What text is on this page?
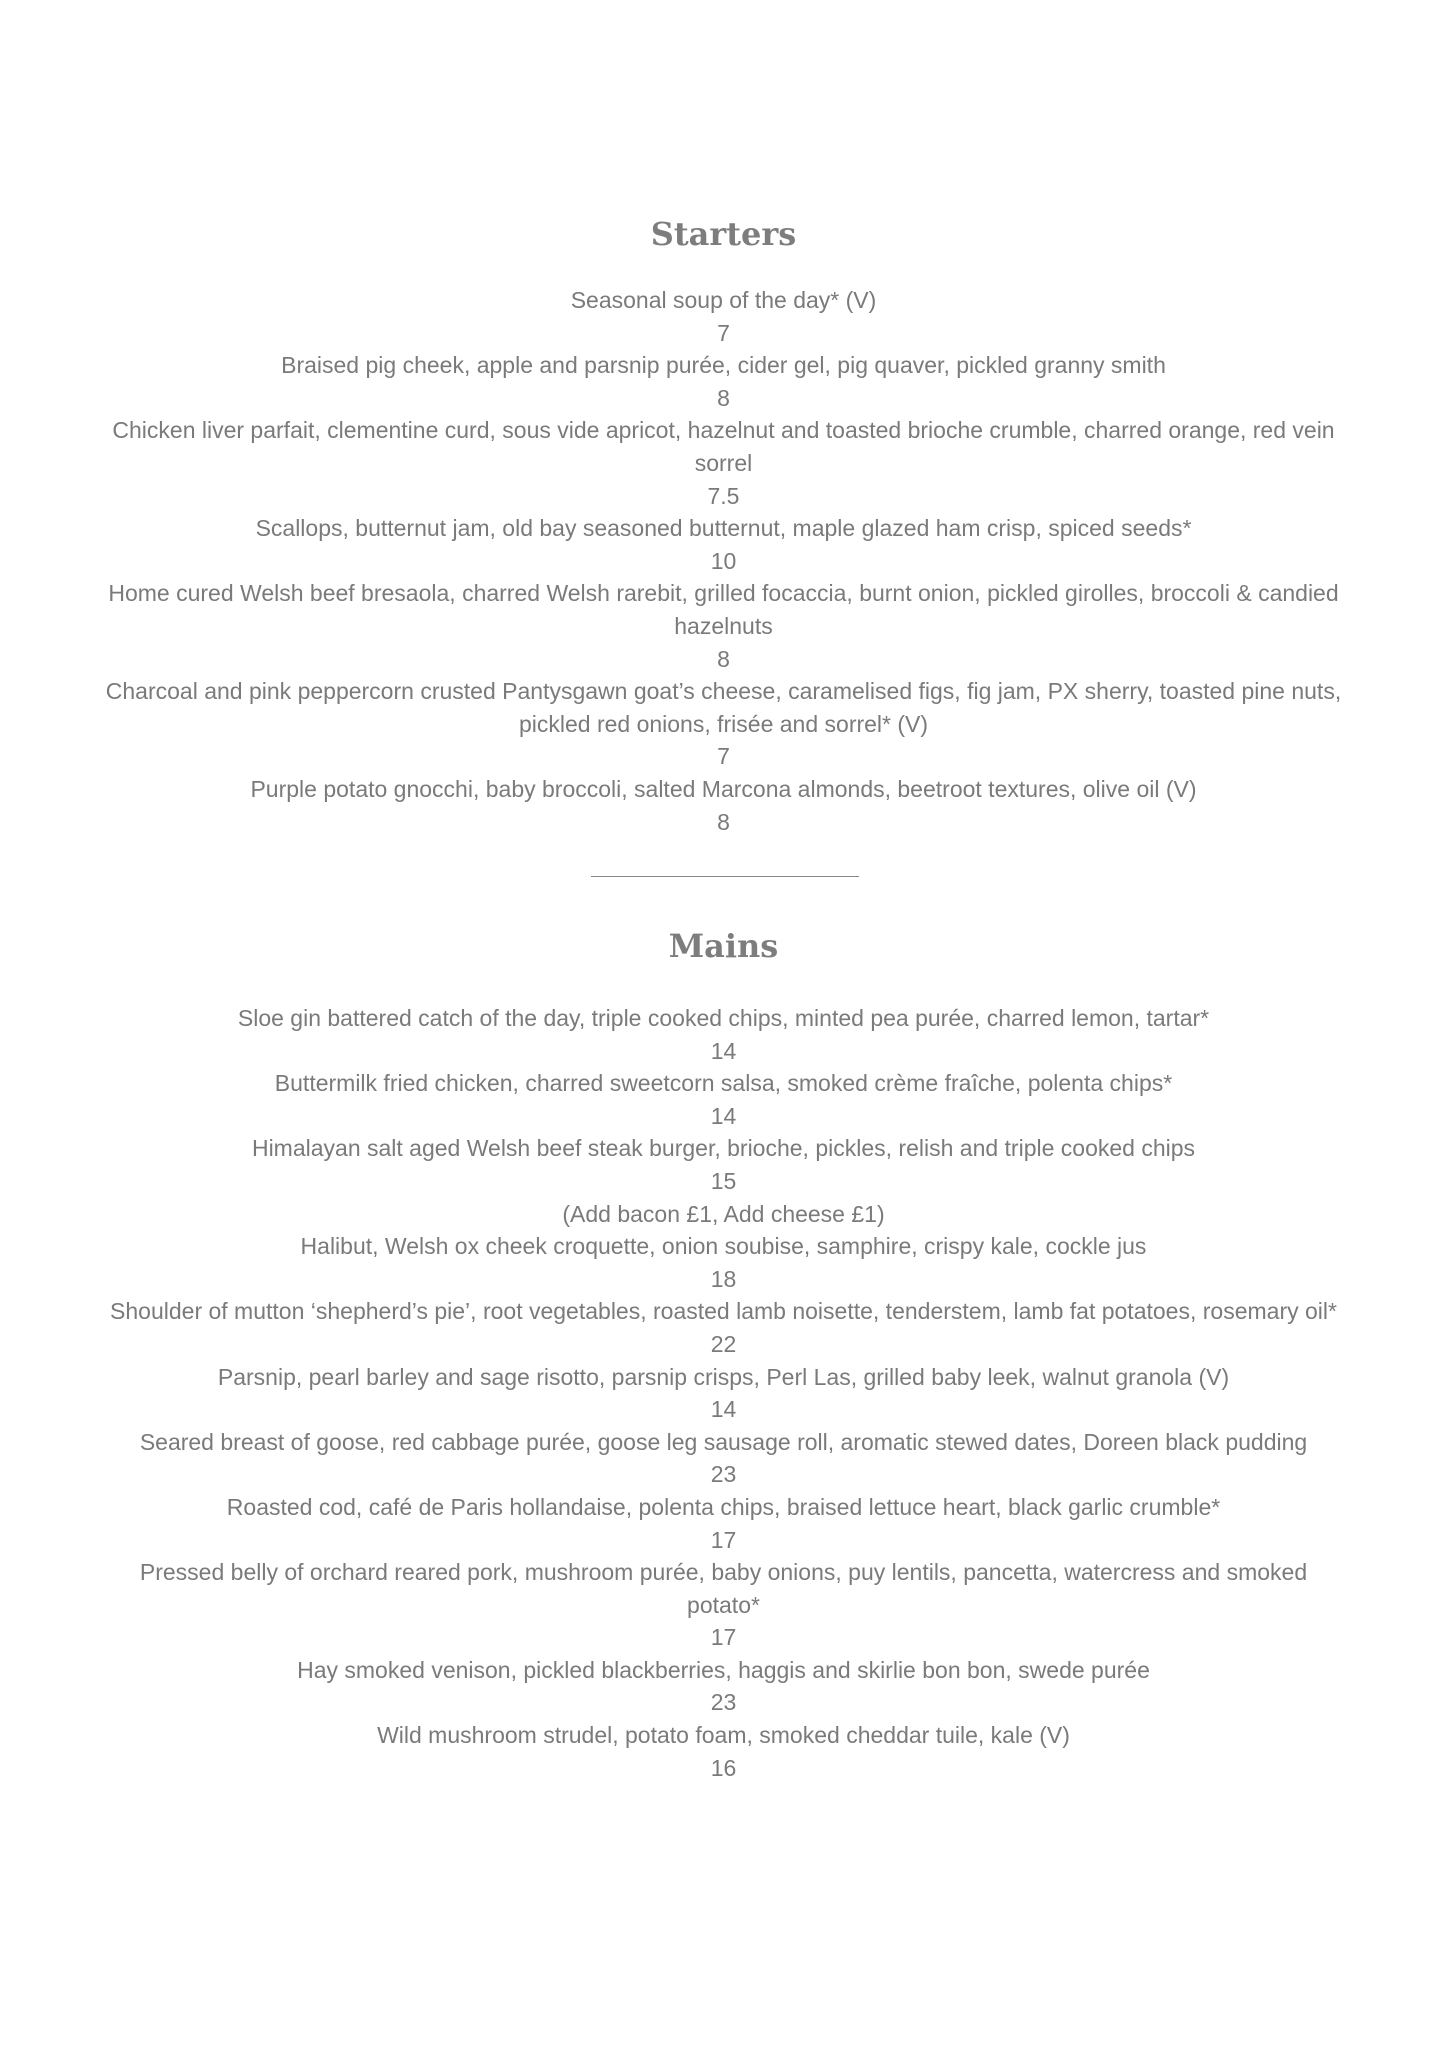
Starters
Seasonal soup of the day* (V)
7
Braised pig cheek, apple and parsnip purée, cider gel, pig quaver, pickled granny smith
8
Chicken liver parfait, clementine curd, sous vide apricot, hazelnut and toasted brioche crumble, charred orange, red vein sorrel
7.5
Scallops, butternut jam, old bay seasoned butternut, maple glazed ham crisp, spiced seeds*
10
Home cured Welsh beef bresaola, charred Welsh rarebit, grilled focaccia, burnt onion, pickled girolles, broccoli & candied hazelnuts
8
Charcoal and pink peppercorn crusted Pantysgawn goat’s cheese, caramelised figs, fig jam, PX sherry, toasted pine nuts, pickled red onions, frisée and sorrel* (V)
7
Purple potato gnocchi, baby broccoli, salted Marcona almonds, beetroot textures, olive oil (V)
8
Mains
Sloe gin battered catch of the day, triple cooked chips, minted pea purée, charred lemon, tartar*
14
Buttermilk fried chicken, charred sweetcorn salsa, smoked crème fraîche, polenta chips*
14
Himalayan salt aged Welsh beef steak burger, brioche, pickles, relish and triple cooked chips
15
(Add bacon £1, Add cheese £1)
Halibut, Welsh ox cheek croquette, onion soubise, samphire, crispy kale, cockle jus
18
Shoulder of mutton ‘shepherd’s pie’, root vegetables, roasted lamb noisette, tenderstem, lamb fat potatoes, rosemary oil*
22
Parsnip, pearl barley and sage risotto, parsnip crisps, Perl Las, grilled baby leek, walnut granola (V)
14
Seared breast of goose, red cabbage purée, goose leg sausage roll, aromatic stewed dates, Doreen black pudding
23
Roasted cod, café de Paris hollandaise, polenta chips, braised lettuce heart, black garlic crumble*
17
Pressed belly of orchard reared pork, mushroom purée, baby onions, puy lentils, pancetta, watercress and smoked potato*
17
Hay smoked venison, pickled blackberries, haggis and skirlie bon bon, swede purée
23
Wild mushroom strudel, potato foam, smoked cheddar tuile, kale (V)
16
